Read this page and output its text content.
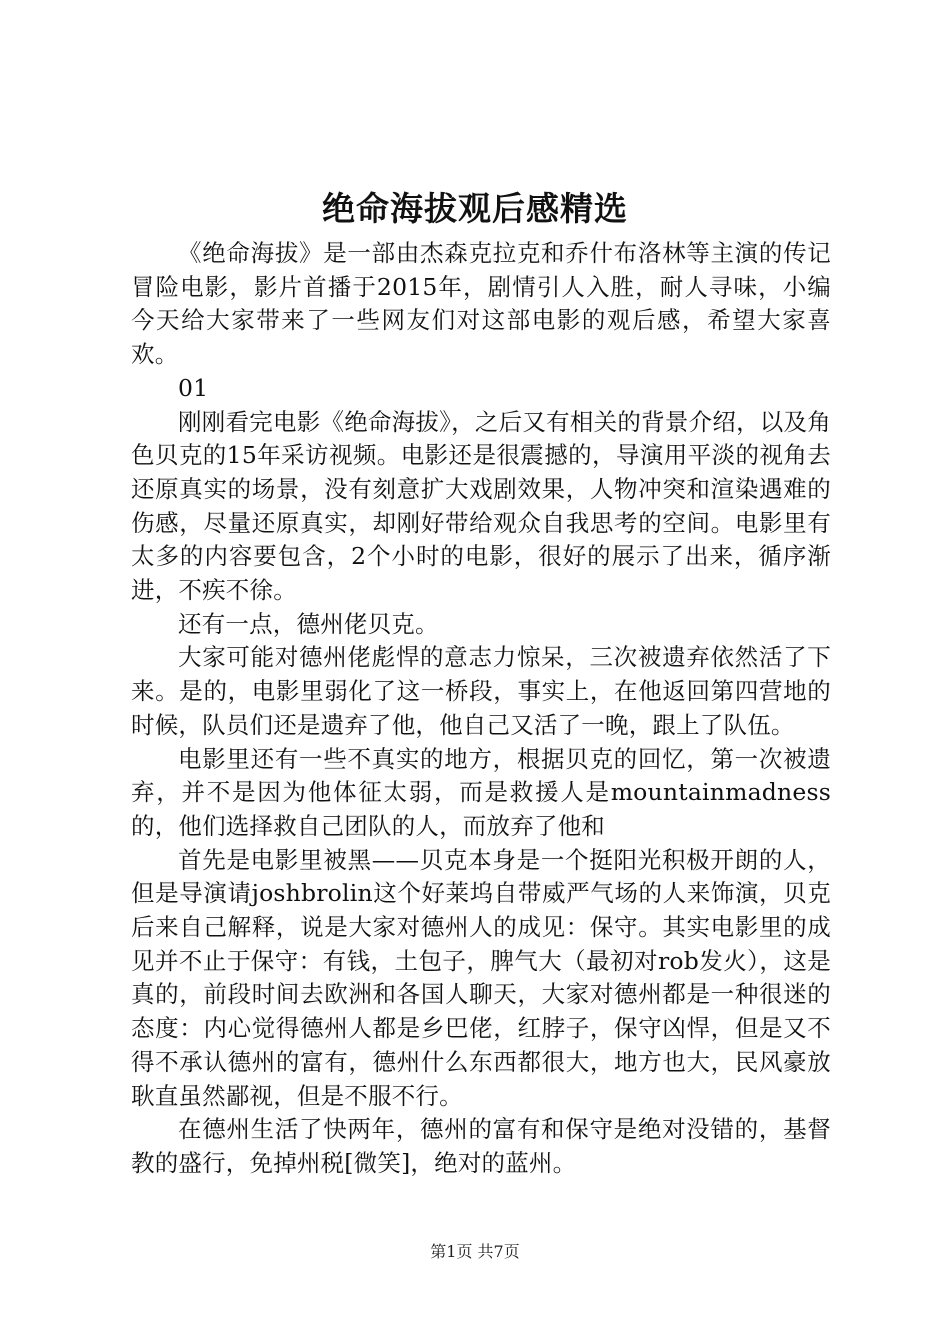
绝命海拔观后感精选

《绝命海拔》是一部由杰森克拉克和乔什布洛林等主演的传记冒险电影，影片首播于2015年，剧情引人入胜，耐人寻味，小编今天给大家带来了一些网友们对这部电影的观后感，希望大家喜欢。

01

刚刚看完电影《绝命海拔》，之后又有相关的背景介绍，以及角色贝克的15年采访视频。电影还是很震撼的，导演用平淡的视角去还原真实的场景，没有刻意扩大戏剧效果，人物冲突和渲染遇难的伤感，尽量还原真实，却刚好带给观众自我思考的空间。电影里有太多的内容要包含，2个小时的电影，很好的展示了出来，循序渐进，不疾不徐。

还有一点，德州佬贝克。

大家可能对德州佬彪悍的意志力惊呆，三次被遗弃依然活了下来。是的，电影里弱化了这一桥段，事实上，在他返回第四营地的时候，队员们还是遗弃了他，他自己又活了一晚，跟上了队伍。

电影里还有一些不真实的地方，根据贝克的回忆，第一次被遗弃，并不是因为他体征太弱，而是救援人是mountainmadness的，他们选择救自己团队的人，而放弃了他和

首先是电影里被黑——贝克本身是一个挺阳光积极开朗的人，但是导演请joshbrolin这个好莱坞自带威严气场的人来饰演，贝克后来自己解释，说是大家对德州人的成见：保守。其实电影里的成见并不止于保守：有钱，土包子，脾气大（最初对rob发火），这是真的，前段时间去欧洲和各国人聊天，大家对德州都是一种很迷的态度：内心觉得德州人都是乡巴佬，红脖子，保守凶悍，但是又不得不承认德州的富有，德州什么东西都很大，地方也大，民风豪放耿直虽然鄙视，但是不服不行。

在德州生活了快两年，德州的富有和保守是绝对没错的，基督教的盛行，免掉州税[微笑]，绝对的蓝州。

第1页 共7页
